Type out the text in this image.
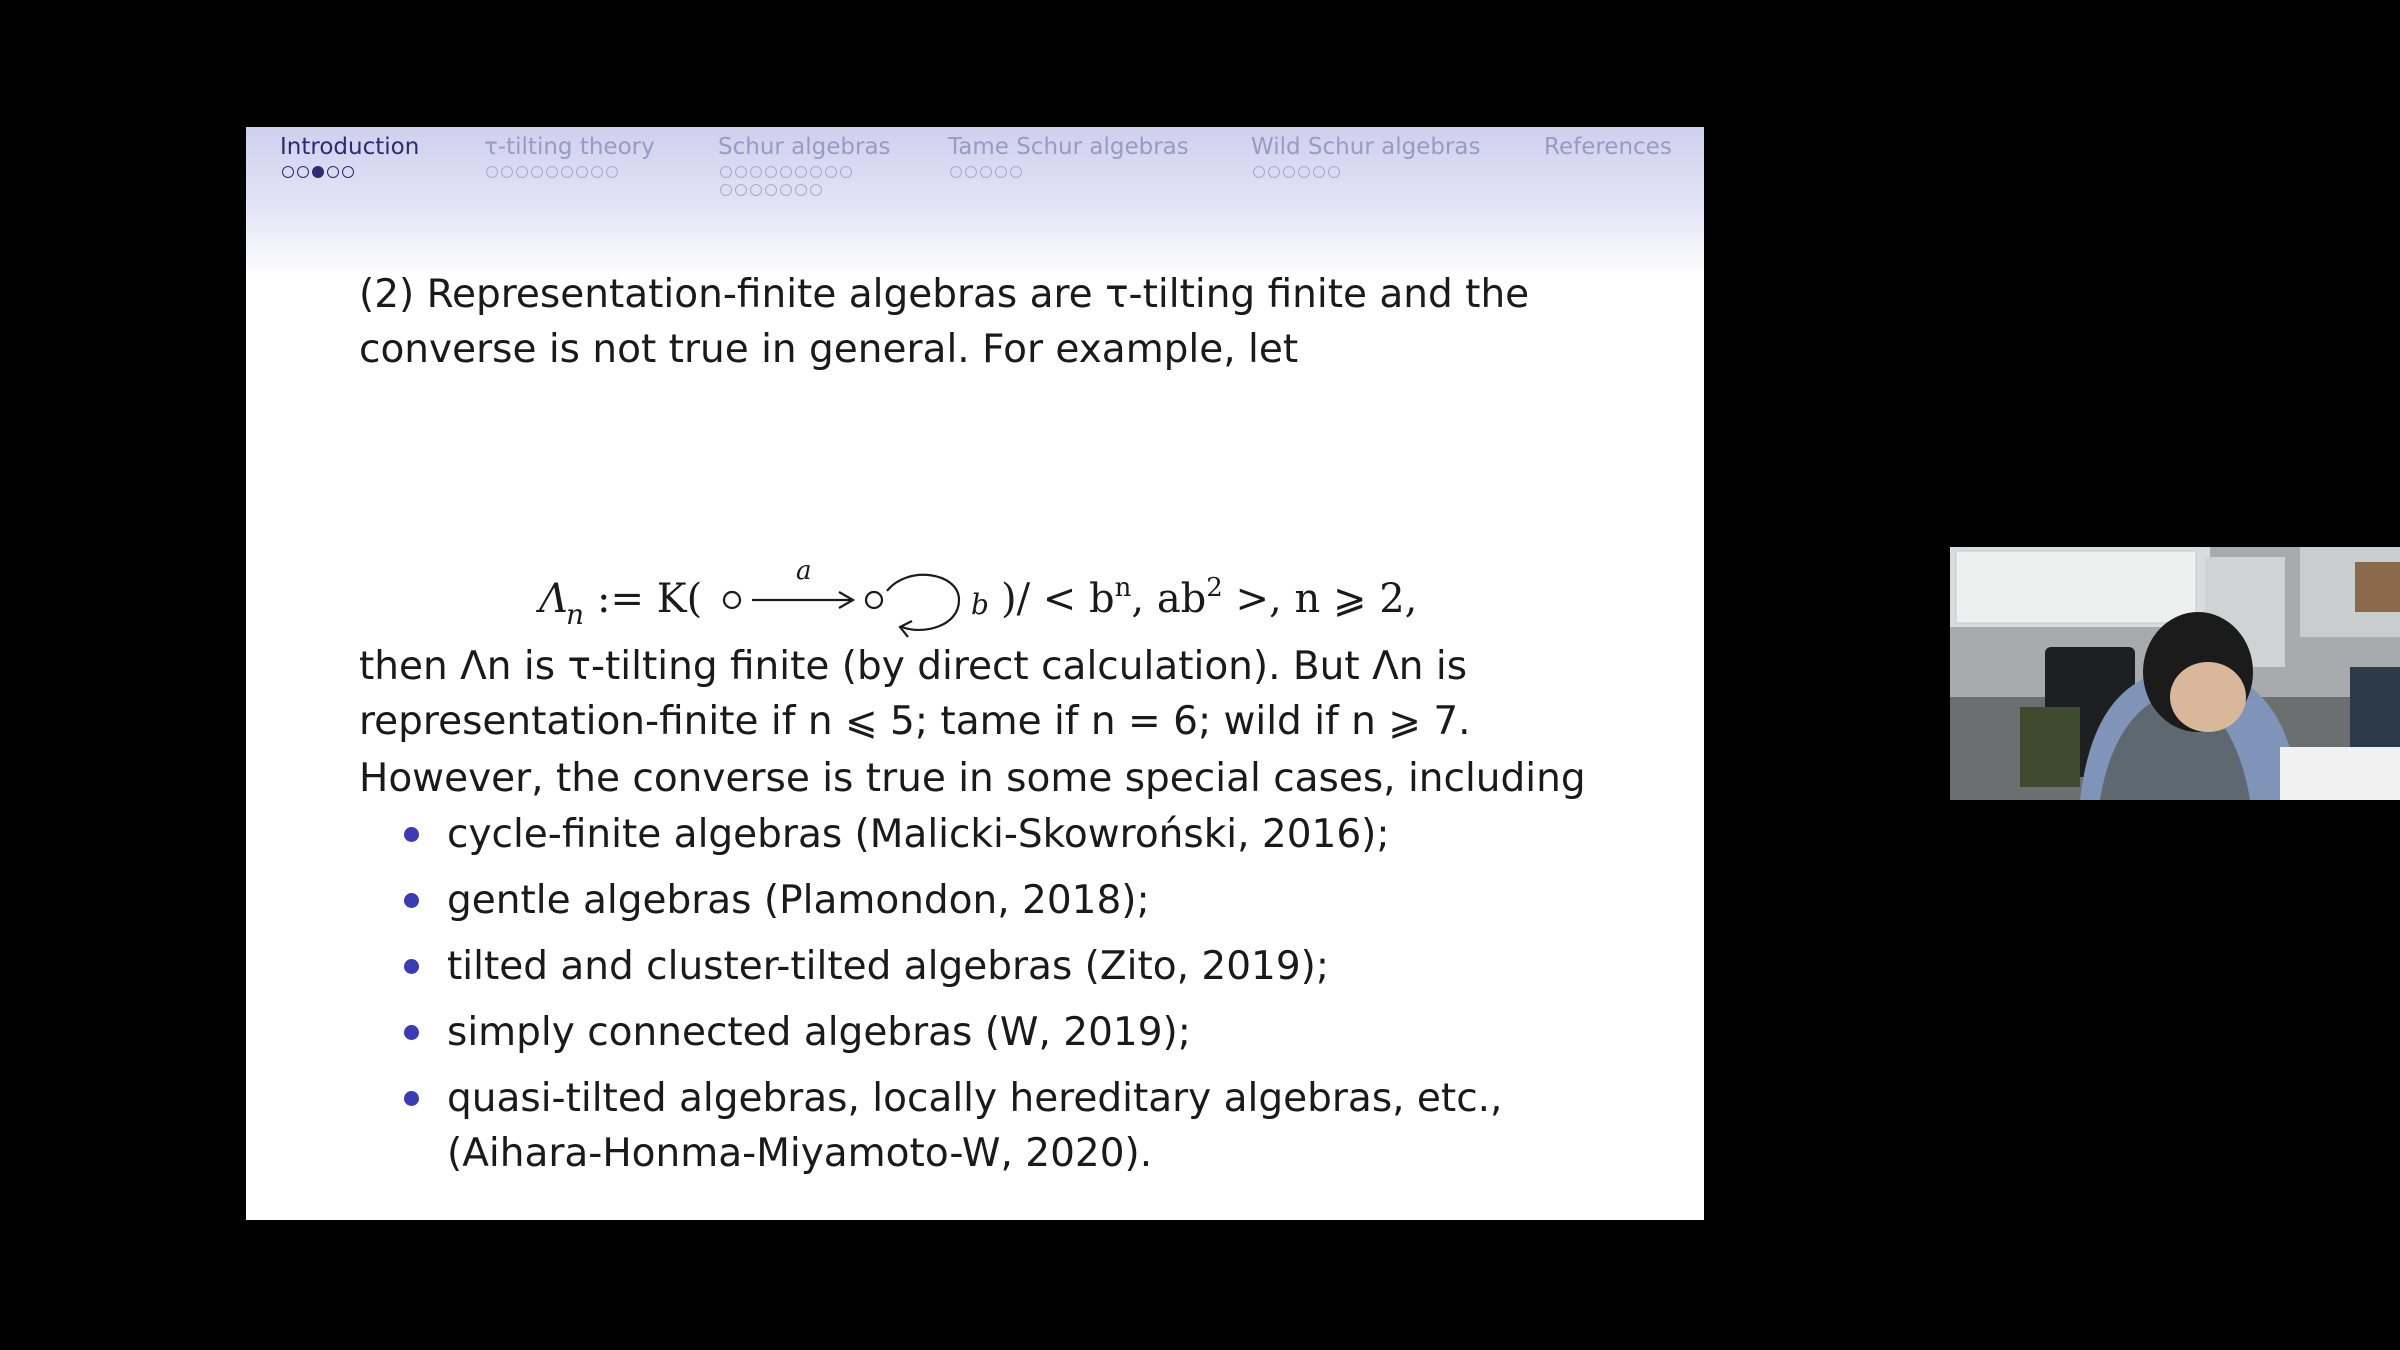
Introduction	τ-tilting theory	Schur algebras Tame Schur algebras	Wild Schur algebras	References

(2) Representation-finite algebras are τ-tilting finite and the
converse is not true in general. For example, let

Λ
n := K(
a
b )/ < $b^n$, $ab^2$ >, n ⩾ 2,

then Λn is τ-tilting finite (by direct calculation). But Λn is
representation-finite if n ⩽ 5; tame if n = 6; wild if n ⩾ 7.

However, the converse is true in some special cases, including

cycle-finite algebras (Malicki-Skowroński, 2016);
gentle algebras (Plamondon, 2018);
tilted and cluster-tilted algebras (Zito, 2019);
simply connected algebras (W, 2019);
quasi-tilted algebras, locally hereditary algebras, etc.,
(Aihara-Honma-Miyamoto-W, 2020).
